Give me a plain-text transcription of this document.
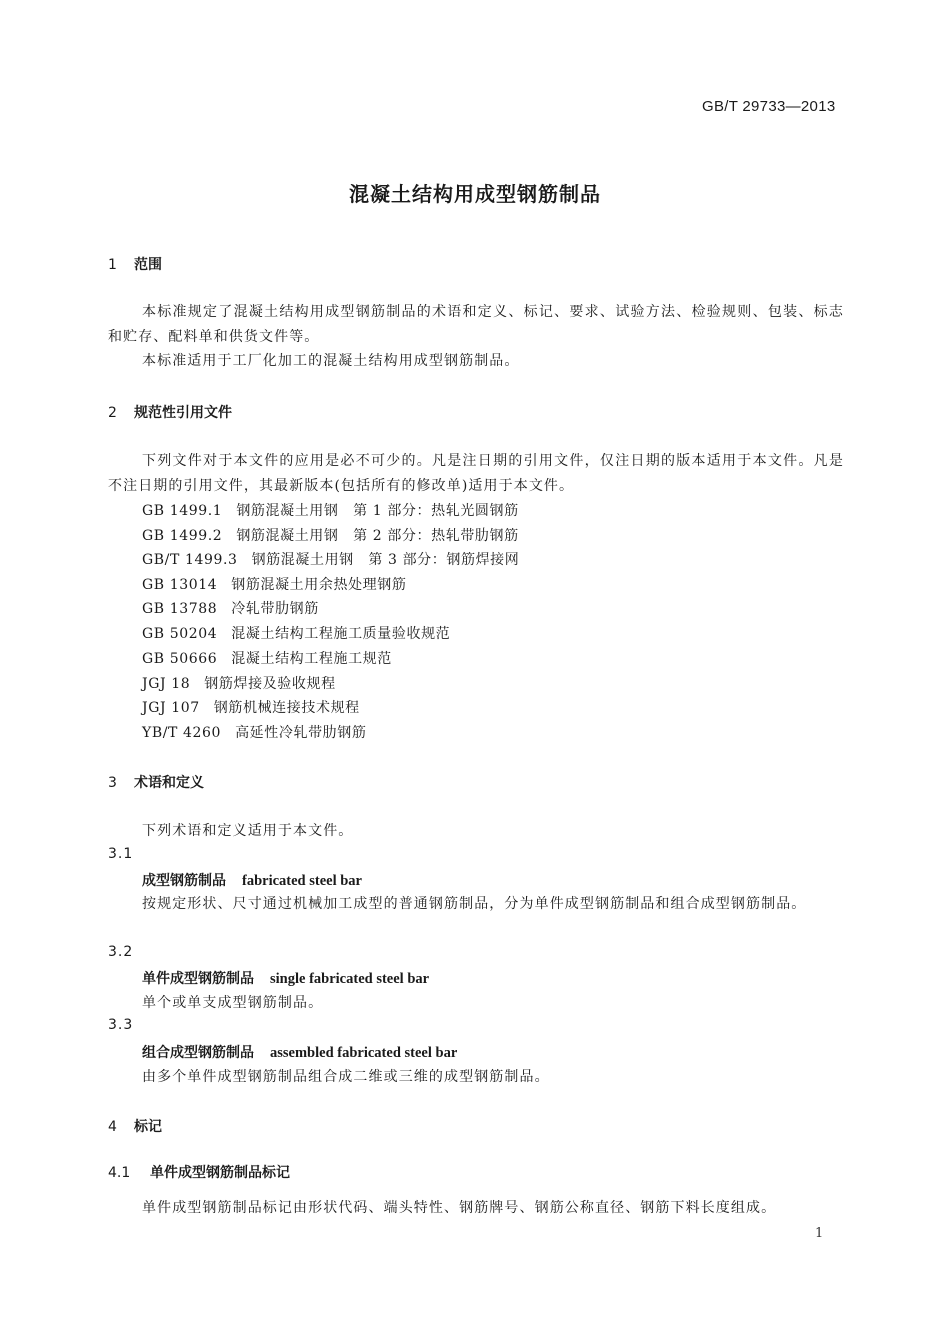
GB/T 29733—2013
混凝土结构用成型钢筋制品
1 范围
本标准规定了混凝土结构用成型钢筋制品的术语和定义、标记、要求、试验方法、检验规则、包装、标志和贮存、配料单和供货文件等。
本标准适用于工厂化加工的混凝土结构用成型钢筋制品。
2 规范性引用文件
下列文件对于本文件的应用是必不可少的。凡是注日期的引用文件，仅注日期的版本适用于本文件。凡是不注日期的引用文件，其最新版本(包括所有的修改单)适用于本文件。
GB 1499.1 钢筋混凝土用钢　第 1 部分：热轧光圆钢筋
GB 1499.2 钢筋混凝土用钢　第 2 部分：热轧带肋钢筋
GB/T 1499.3 钢筋混凝土用钢　第 3 部分：钢筋焊接网
GB 13014 钢筋混凝土用余热处理钢筋
GB 13788 冷轧带肋钢筋
GB 50204 混凝土结构工程施工质量验收规范
GB 50666 混凝土结构工程施工规范
JGJ 18 钢筋焊接及验收规程
JGJ 107 钢筋机械连接技术规程
YB/T 4260 高延性冷轧带肋钢筋
3 术语和定义
下列术语和定义适用于本文件。
3.1
成型钢筋制品 fabricated steel bar
按规定形状、尺寸通过机械加工成型的普通钢筋制品，分为单件成型钢筋制品和组合成型钢筋制品。
3.2
单件成型钢筋制品 single fabricated steel bar
单个或单支成型钢筋制品。
3.3
组合成型钢筋制品 assembled fabricated steel bar
由多个单件成型钢筋制品组合成二维或三维的成型钢筋制品。
4 标记
4.1 单件成型钢筋制品标记
单件成型钢筋制品标记由形状代码、端头特性、钢筋牌号、钢筋公称直径、钢筋下料长度组成。
1
